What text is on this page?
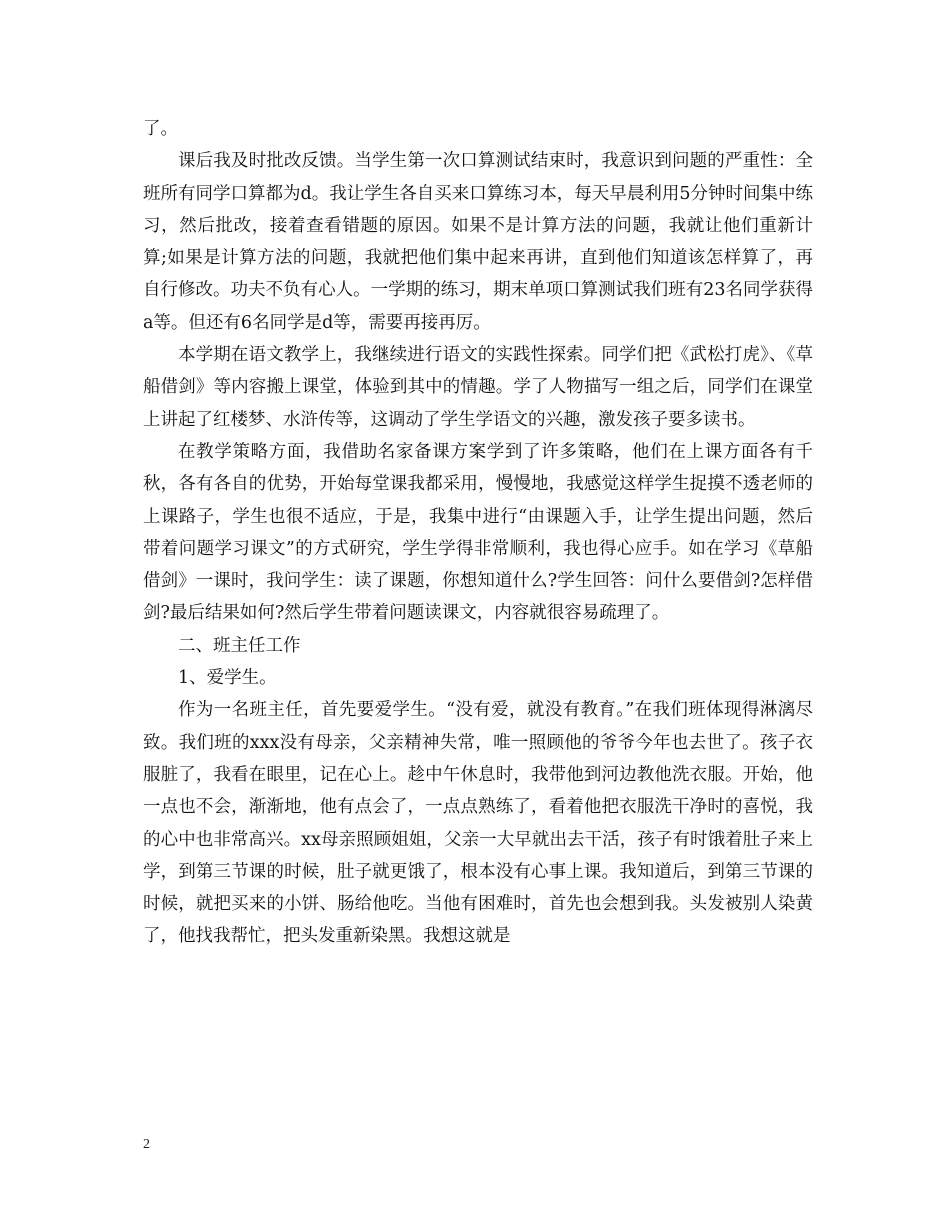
了。

课后我及时批改反馈。当学生第一次口算测试结束时，我意识到问题的严重性：全班所有同学口算都为d。我让学生各自买来口算练习本，每天早晨利用5分钟时间集中练习，然后批改，接着查看错题的原因。如果不是计算方法的问题，我就让他们重新计算;如果是计算方法的问题，我就把他们集中起来再讲，直到他们知道该怎样算了，再自行修改。功夫不负有心人。一学期的练习，期末单项口算测试我们班有23名同学获得a等。但还有6名同学是d等，需要再接再厉。

本学期在语文教学上，我继续进行语文的实践性探索。同学们把《武松打虎》、《草船借剑》等内容搬上课堂，体验到其中的情趣。学了人物描写一组之后，同学们在课堂上讲起了红楼梦、水浒传等，这调动了学生学语文的兴趣，激发孩子要多读书。

在教学策略方面，我借助名家备课方案学到了许多策略，他们在上课方面各有千秋，各有各自的优势，开始每堂课我都采用，慢慢地，我感觉这样学生捉摸不透老师的上课路子，学生也很不适应，于是，我集中进行“由课题入手，让学生提出问题，然后带着问题学习课文”的方式研究，学生学得非常顺利，我也得心应手。如在学习《草船借剑》一课时，我问学生：读了课题，你想知道什么?学生回答：问什么要借剑?怎样借剑?最后结果如何?然后学生带着问题读课文，内容就很容易疏理了。

二、班主任工作

1、爱学生。

作为一名班主任，首先要爱学生。“没有爱，就没有教育。”在我们班体现得淋漓尽致。我们班的xxx没有母亲，父亲精神失常，唯一照顾他的爷爷今年也去世了。孩子衣服脏了，我看在眼里，记在心上。趁中午休息时，我带他到河边教他洗衣服。开始，他一点也不会，渐渐地，他有点会了，一点点熟练了，看着他把衣服洗干净时的喜悦，我的心中也非常高兴。xx母亲照顾姐姐，父亲一大早就出去干活，孩子有时饿着肚子来上学，到第三节课的时候，肚子就更饿了，根本没有心事上课。我知道后，到第三节课的时候，就把买来的小饼、肠给他吃。当他有困难时，首先也会想到我。头发被别人染黄了，他找我帮忙，把头发重新染黑。我想这就是

2
